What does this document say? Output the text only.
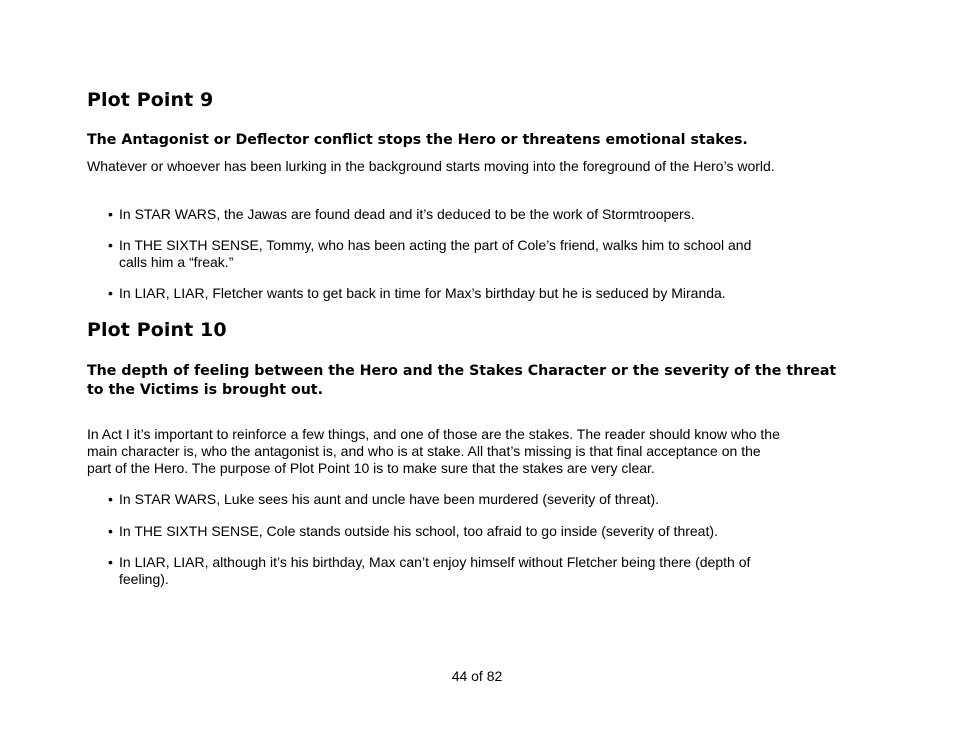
Plot Point 9

The Antagonist or Deflector conflict stops the Hero or threatens emotional stakes.

Whatever or whoever has been lurking in the background starts moving into the foreground of the Hero’s world.

• In STAR WARS, the Jawas are found dead and it’s deduced to be the work of Stormtroopers.
• In THE SIXTH SENSE, Tommy, who has been acting the part of Cole’s friend, walks him to school and calls him a “freak.”
• In LIAR, LIAR, Fletcher wants to get back in time for Max’s birthday but he is seduced by Miranda.
Plot Point 10

The depth of feeling between the Hero and the Stakes Character or the severity of the threat to the Victims is brought out.

In Act I it’s important to reinforce a few things, and one of those are the stakes. The reader should know who the main character is, who the antagonist is, and who is at stake. All that’s missing is that final acceptance on the part of the Hero. The purpose of Plot Point 10 is to make sure that the stakes are very clear.

• In STAR WARS, Luke sees his aunt and uncle have been murdered (severity of threat).
• In THE SIXTH SENSE, Cole stands outside his school, too afraid to go inside (severity of threat).
• In LIAR, LIAR, although it’s his birthday, Max can’t enjoy himself without Fletcher being there (depth of feeling).
44 of 82
